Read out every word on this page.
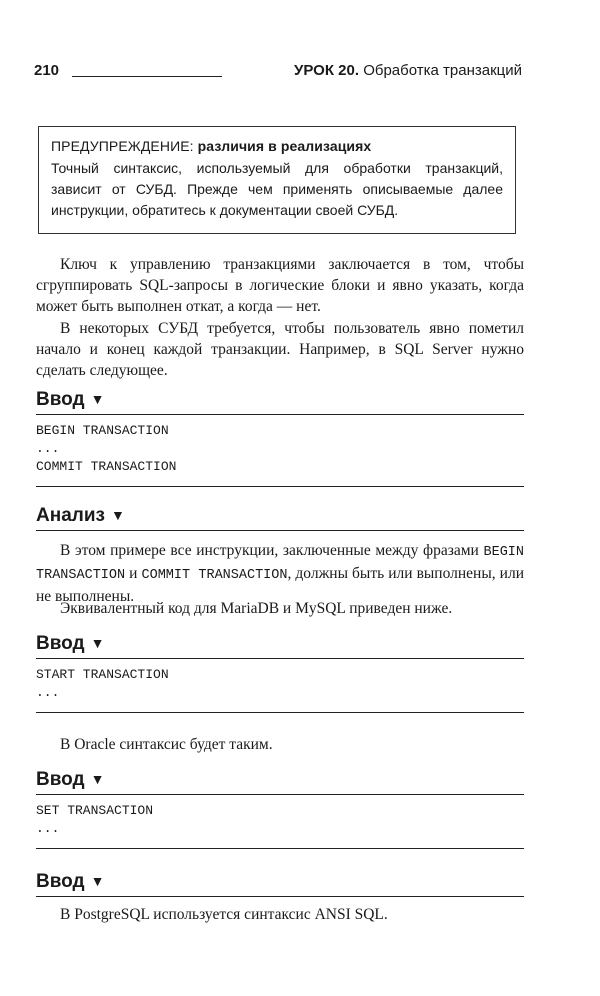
210	УРОК 20. Обработка транзакций

ПРЕДУПРЕЖДЕНИЕ: различия в реализациях

Точный синтаксис, используемый для обработки транзакций, зависит от СУБД. Прежде чем применять описываемые далее инструкции, обратитесь к документации своей СУБД.

Ключ к управлению транзакциями заключается в том, чтобы сгруппировать SQL-запросы в логические блоки и явно указать, когда может быть выполнен откат, а когда — нет.

В некоторых СУБД требуется, чтобы пользователь явно пометил начало и конец каждой транзакции. Например, в SQL Server нужно сделать следующее.

Ввод ▼
BEGIN TRANSACTION
...
COMMIT TRANSACTION
Анализ ▼

В этом примере все инструкции, заключенные между фразами BEGIN TRANSACTION и COMMIT TRANSACTION, должны быть или выполнены, или не выполнены.

Эквивалентный код для MariaDB и MySQL приведен ниже.

Ввод ▼
START TRANSACTION
...

В Oracle синтаксис будет таким.

Ввод ▼
SET TRANSACTION
...
Ввод ▼

В PostgreSQL используется синтаксис ANSI SQL.
